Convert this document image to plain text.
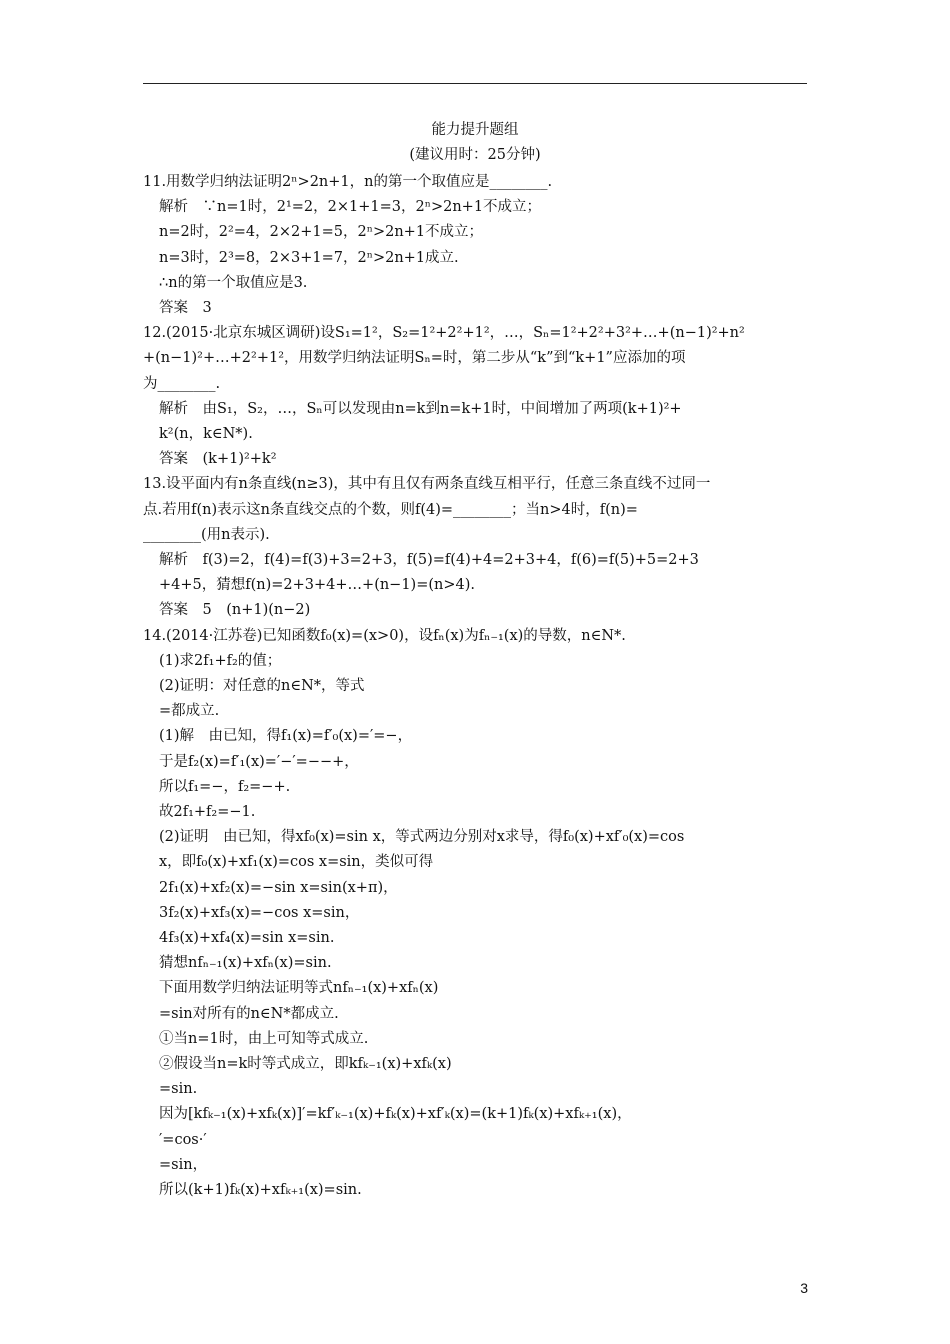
能力提升题组
(建议用时：25分钟)
11.用数学归纳法证明2ⁿ>2n+1，n的第一个取值应是________.
解析　∵n=1时，2¹=2，2×1+1=3，2ⁿ>2n+1不成立；
n=2时，2²=4，2×2+1=5，2ⁿ>2n+1不成立；
n=3时，2³=8，2×3+1=7，2ⁿ>2n+1成立.
∴n的第一个取值应是3.
答案　3
12.(2015·北京东城区调研)设S₁=1²，S₂=1²+2²+1²，…，Sₙ=1²+2²+3²+…+(n−1)²+n²
+(n−1)²+…+2²+1²，用数学归纳法证明Sₙ=时，第二步从“k”到“k+1”应添加的项
为________.
解析　由S₁，S₂，…，Sₙ可以发现由n=k到n=k+1时，中间增加了两项(k+1)²+
k²(n，k∈N*).
答案　(k+1)²+k²
13.设平面内有n条直线(n≥3)，其中有且仅有两条直线互相平行，任意三条直线不过同一
点.若用f(n)表示这n条直线交点的个数，则f(4)=________；当n>4时，f(n)=
________(用n表示).
解析　f(3)=2，f(4)=f(3)+3=2+3，f(5)=f(4)+4=2+3+4，f(6)=f(5)+5=2+3
+4+5，猜想f(n)=2+3+4+…+(n−1)=(n>4).
答案　5　(n+1)(n−2)
14.(2014·江苏卷)已知函数f₀(x)=(x>0)，设fₙ(x)为fₙ₋₁(x)的导数，n∈N*.
(1)求2f₁+f₂的值；
(2)证明：对任意的n∈N*，等式
=都成立.
(1)解　由已知，得f₁(x)=f′₀(x)=′=−，
于是f₂(x)=f′₁(x)=′−′=−−+，
所以f₁=−，f₂=−+.
故2f₁+f₂=−1.
(2)证明　由已知，得xf₀(x)=sin x，等式两边分别对x求导，得f₀(x)+xf′₀(x)=cos
x，即f₀(x)+xf₁(x)=cos x=sin，类似可得
2f₁(x)+xf₂(x)=−sin x=sin(x+π)，
3f₂(x)+xf₃(x)=−cos x=sin，
4f₃(x)+xf₄(x)=sin x=sin.
猜想nfₙ₋₁(x)+xfₙ(x)=sin.
下面用数学归纳法证明等式nfₙ₋₁(x)+xfₙ(x)
=sin对所有的n∈N*都成立.
①当n=1时，由上可知等式成立.
②假设当n=k时等式成立，即kfₖ₋₁(x)+xfₖ(x)
=sin.
因为[kfₖ₋₁(x)+xfₖ(x)]′=kf′ₖ₋₁(x)+fₖ(x)+xf′ₖ(x)=(k+1)fₖ(x)+xfₖ₊₁(x)，
′=cos·′
=sin，
所以(k+1)fₖ(x)+xfₖ₊₁(x)=sin.
3
